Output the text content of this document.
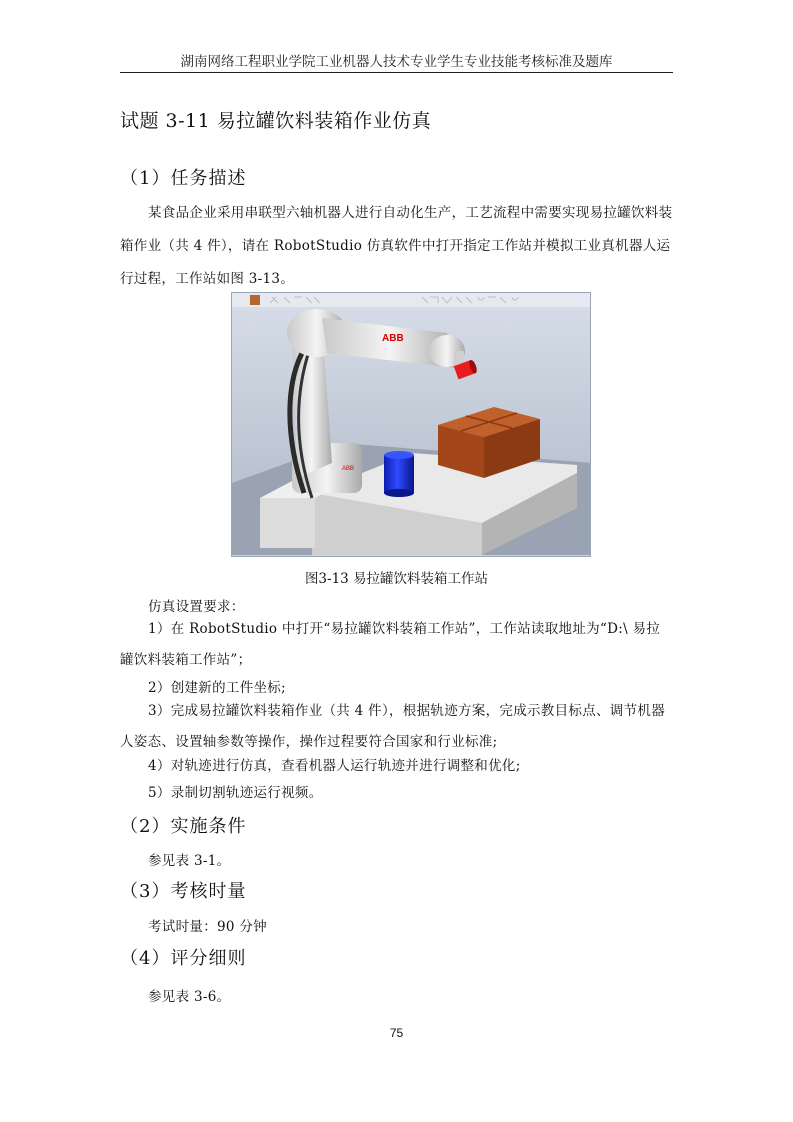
湖南网络工程职业学院工业机器人技术专业学生专业技能考核标准及题库
试题 3-11 易拉罐饮料装箱作业仿真
（1）任务描述
某食品企业采用串联型六轴机器人进行自动化生产，工艺流程中需要实现易拉罐饮料装箱作业（共 4 件），请在 RobotStudio 仿真软件中打开指定工作站并模拟工业真机器人运行过程，工作站如图 3-13。
ABB
ABB
图3-13 易拉罐饮料装箱工作站
仿真设置要求：
1）在 RobotStudio 中打开“易拉罐饮料装箱工作站”，工作站读取地址为“D:\ 易拉罐饮料装箱工作站”；
2）创建新的工件坐标;
3）完成易拉罐饮料装箱作业（共 4 件），根据轨迹方案，完成示教目标点、调节机器人姿态、设置轴参数等操作，操作过程要符合国家和行业标准;
4）对轨迹进行仿真，查看机器人运行轨迹并进行调整和优化;
5）录制切割轨迹运行视频。
（2）实施条件
参见表 3-1。
（3）考核时量
考试时量：90 分钟
（4）评分细则
参见表 3-6。
75
